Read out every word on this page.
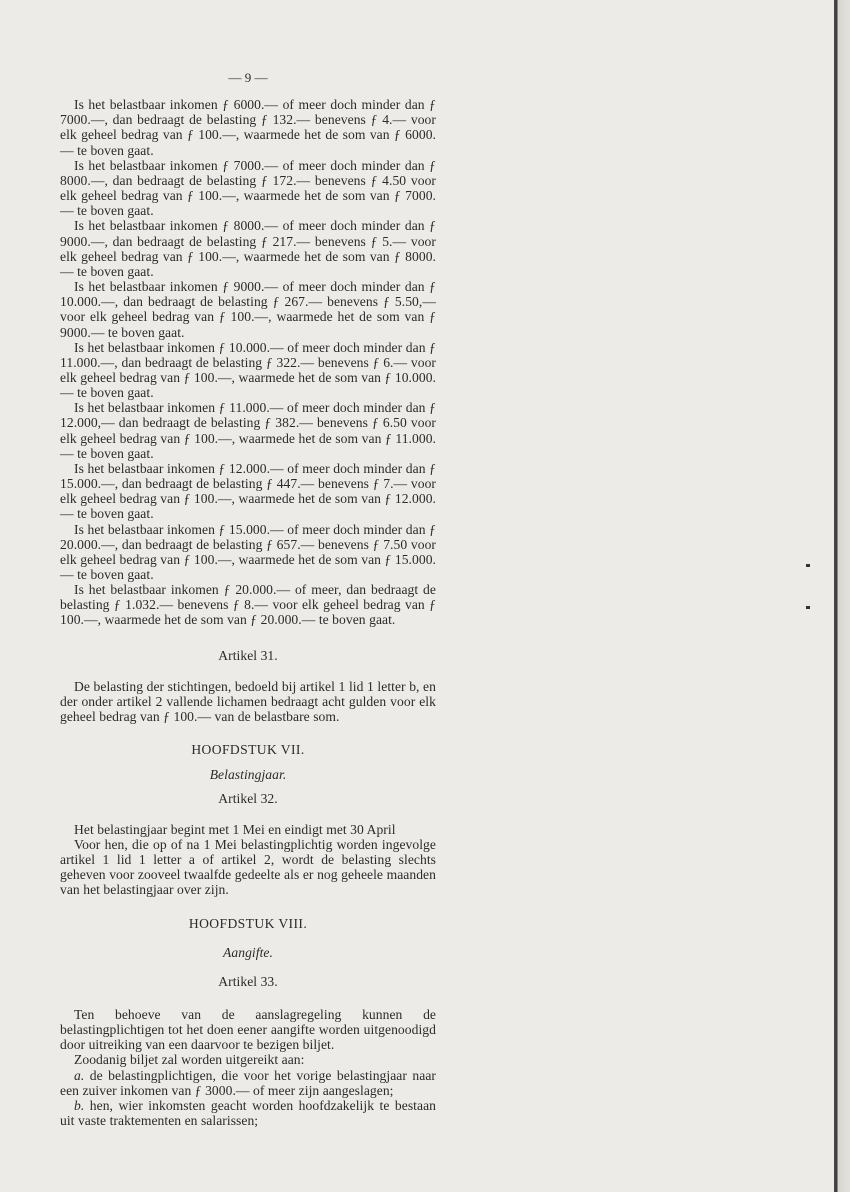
— 9 —

Is het belastbaar inkomen ƒ 6000.— of meer doch minder dan ƒ 7000.—, dan bedraagt de belasting ƒ 132.— benevens ƒ 4.— voor elk geheel bedrag van ƒ 100.—, waarmede het de som van ƒ 6000.— te boven gaat.

Is het belastbaar inkomen ƒ 7000.— of meer doch minder dan ƒ 8000.—, dan bedraagt de belasting ƒ 172.— benevens ƒ 4.50 voor elk geheel bedrag van ƒ 100.—, waarmede het de som van ƒ 7000.— te boven gaat.

Is het belastbaar inkomen ƒ 8000.— of meer doch minder dan ƒ 9000.—, dan bedraagt de belasting ƒ 217.— benevens ƒ 5.— voor elk geheel bedrag van ƒ 100.—, waarmede het de som van ƒ 8000.— te boven gaat.

Is het belastbaar inkomen ƒ 9000.— of meer doch minder dan ƒ 10.000.—, dan bedraagt de belasting ƒ 267.— benevens ƒ 5.50,— voor elk geheel bedrag van ƒ 100.—, waarmede het de som van ƒ 9000.— te boven gaat.

Is het belastbaar inkomen ƒ 10.000.— of meer doch minder dan ƒ 11.000.—, dan bedraagt de belasting ƒ 322.— benevens ƒ 6.— voor elk geheel bedrag van ƒ 100.—, waarmede het de som van ƒ 10.000.— te boven gaat.

Is het belastbaar inkomen ƒ 11.000.— of meer doch minder dan ƒ 12.000,— dan bedraagt de belasting ƒ 382.— benevens ƒ 6.50 voor elk geheel bedrag van ƒ 100.—, waarmede het de som van ƒ 11.000.— te boven gaat.

Is het belastbaar inkomen ƒ 12.000.— of meer doch minder dan ƒ 15.000.—, dan bedraagt de belasting ƒ 447.— benevens ƒ 7.— voor elk geheel bedrag van ƒ 100.—, waarmede het de som van ƒ 12.000.— te boven gaat.

Is het belastbaar inkomen ƒ 15.000.— of meer doch minder dan ƒ 20.000.—, dan bedraagt de belasting ƒ 657.— benevens ƒ 7.50 voor elk geheel bedrag van ƒ 100.—, waarmede het de som van ƒ 15.000.— te boven gaat.

Is het belastbaar inkomen ƒ 20.000.— of meer, dan bedraagt de belasting ƒ 1.032.— benevens ƒ 8.— voor elk geheel bedrag van ƒ 100.—, waarmede het de som van ƒ 20.000.— te boven gaat.

Artikel 31.

De belasting der stichtingen, bedoeld bij artikel 1 lid 1 letter b, en der onder artikel 2 vallende lichamen bedraagt acht gulden voor elk geheel bedrag van ƒ 100.— van de belastbare som.

HOOFDSTUK VII.

Belastingjaar.

Artikel 32.

Het belastingjaar begint met 1 Mei en eindigt met 30 April

Voor hen, die op of na 1 Mei belastingplichtig worden ingevolge artikel 1 lid 1 letter a of artikel 2, wordt de belasting slechts geheven voor zooveel twaalfde gedeelte als er nog geheele maanden van het belastingjaar over zijn.

HOOFDSTUK VIII.

Aangifte.

Artikel 33.

Ten behoeve van de aanslagregeling kunnen de belastingplichtigen tot het doen eener aangifte worden uitgenoodigd door uitreiking van een daarvoor te bezigen biljet.

Zoodanig biljet zal worden uitgereikt aan:

a. de belastingplichtigen, die voor het vorige belastingjaar naar een zuiver inkomen van ƒ 3000.— of meer zijn aangeslagen;

b. hen, wier inkomsten geacht worden hoofdzakelijk te bestaan uit vaste traktementen en salarissen;
